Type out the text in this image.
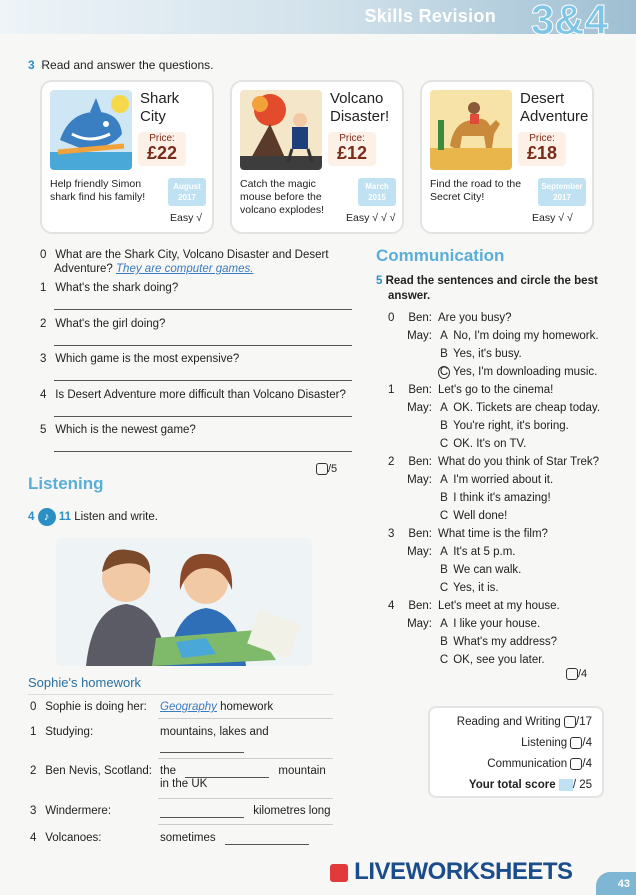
Skills Revision 3&4
3 Read and answer the questions.
Shark
City
Price:
£22
Help friendly Simon shark find his family!
August
2017
Easy √
Volcano
Disaster!
Price:
£12
Catch the magic mouse before the volcano explodes!
March
2015
Easy √ √ √
Desert
Adventure
Price:
£18
Find the road to the Secret City!
September
2017
Easy √ √
0 What are the Shark City, Volcano Disaster and Desert
Adventure? They are computer games.
1 What's the shark doing?
2 What's the girl doing?
3 Which game is the most expensive?
4 Is Desert Adventure more difficult than Volcano Disaster?
5 Which is the newest game?
/5
Listening
4 ♪ 11 Listen and write.
Sophie's homework
0 Sophie is doing her: Geography homework
1 Studying:	mountains, lakes and
2 Ben Nevis, Scotland: the	mountain
in the UK
3 Windermere:	kilometres long
4 Volcanoes:	sometimes
Communication
5 Read the sentences and circle the best
answer.
0 Ben: Are you busy?
May: A No, I'm doing my homework.
B Yes, it's busy.
C Yes, I'm downloading music.
1 Ben: Let's go to the cinema!
May: A OK. Tickets are cheap today.
B You're right, it's boring.
C OK. It's on TV.
2 Ben: What do you think of Star Trek?
May: A I'm worried about it.
B I think it's amazing!
C Well done!
3 Ben: What time is the film?
May: A It's at 5 p.m.
B We can walk.
C Yes, it is.
4 Ben: Let's meet at my house.
May: A I like your house.
B What's my address?
C OK, see you later.
/4
Reading and Writing /17
Listening /4
Communication /4
Your total score / 25
LIVEWORKSHEETS	43
